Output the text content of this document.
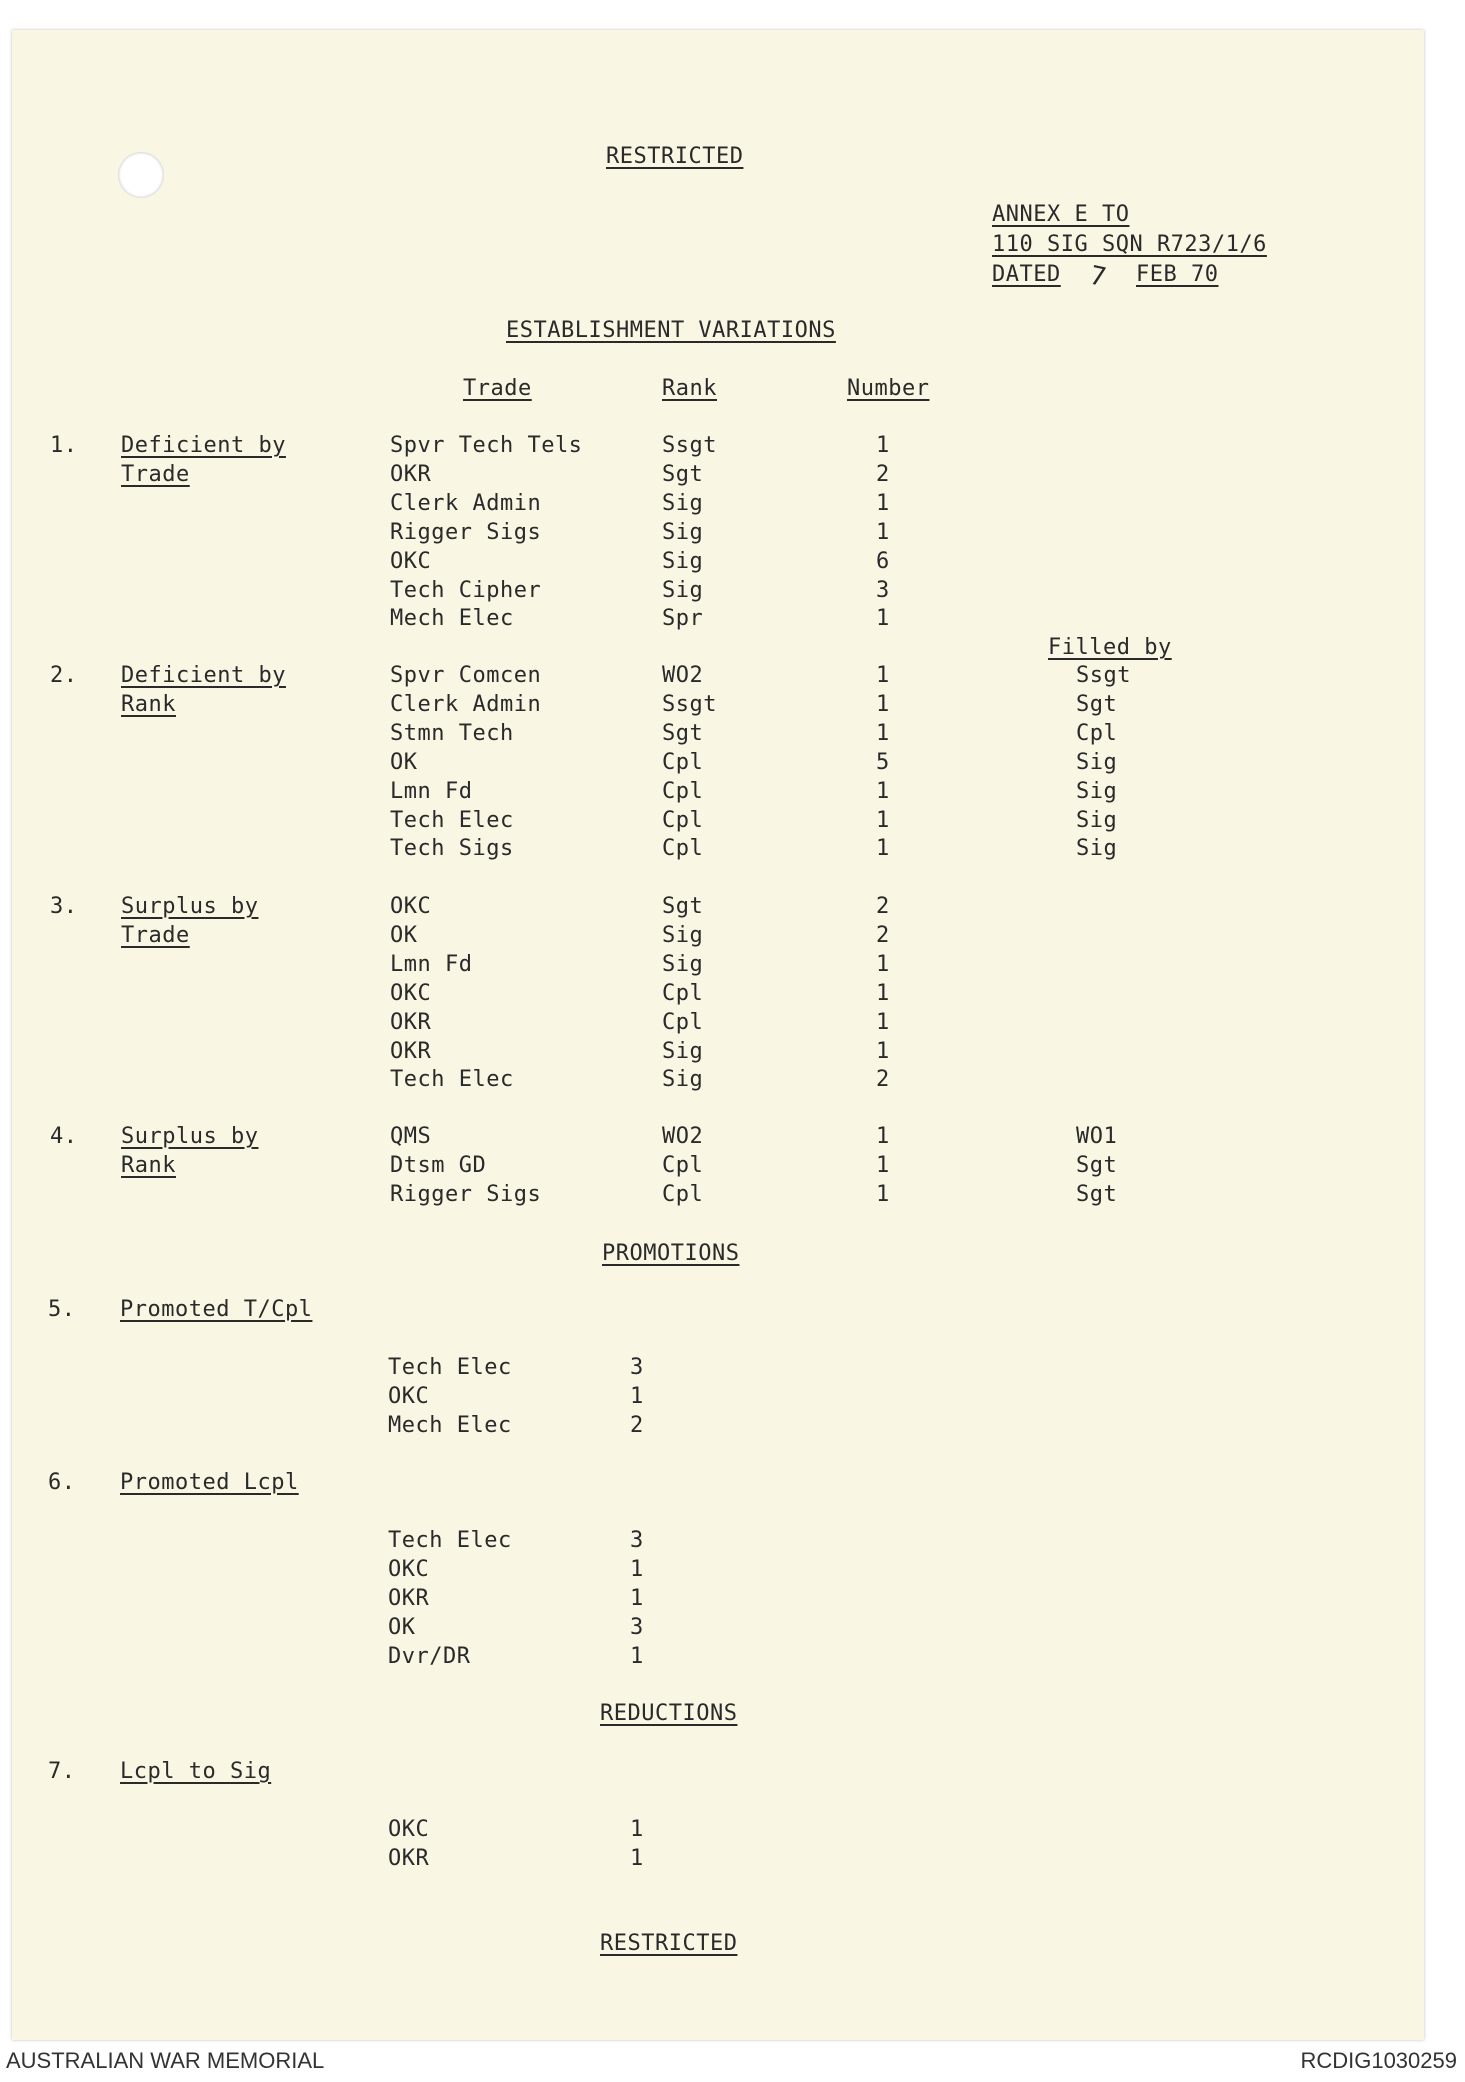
RESTRICTED
ANNEX E TO
110 SIG SQN R723/1/6
DATED 7 FEB 70
ESTABLISHMENT VARIATIONS
Trade	Rank	Number
Filled by
1. Deficient by
Trade
Spvr Tech Tels	Ssgt	1
OKR	Sgt	2
Clerk Admin	Sig	1
Rigger Sigs	Sig	1
OKC	Sig	6
Tech Cipher	Sig	3
Mech Elec	Spr	1
2. Deficient by
Rank
Spvr Comcen	WO2	1	Ssgt
Clerk Admin	Ssgt	1	Sgt
Stmn Tech	Sgt	1	Cpl
OK	Cpl	5	Sig
Lmn Fd	Cpl	1	Sig
Tech Elec	Cpl	1	Sig
Tech Sigs	Cpl	1	Sig
3. Surplus by
Trade
OKC	Sgt	2
OK	Sig	2
Lmn Fd	Sig	1
OKC	Cpl	1
OKR	Cpl	1
OKR	Sig	1
Tech Elec	Sig	2
4. Surplus by
Rank
QMS	WO2	1	WO1
Dtsm GD	Cpl	1	Sgt
Rigger Sigs	Cpl	1	Sgt
5. Promoted T/Cpl
Tech Elec	3
OKC	1
Mech Elec	2
6. Promoted Lcpl
Tech Elec	3
OKC	1
OKR	1
OK	3
Dvr/DR	1
7. Lcpl to Sig
OKC	1
OKR	1
PROMOTIONS
REDUCTIONS
RESTRICTED
AUSTRALIAN WAR MEMORIAL	RCDIG1030259
